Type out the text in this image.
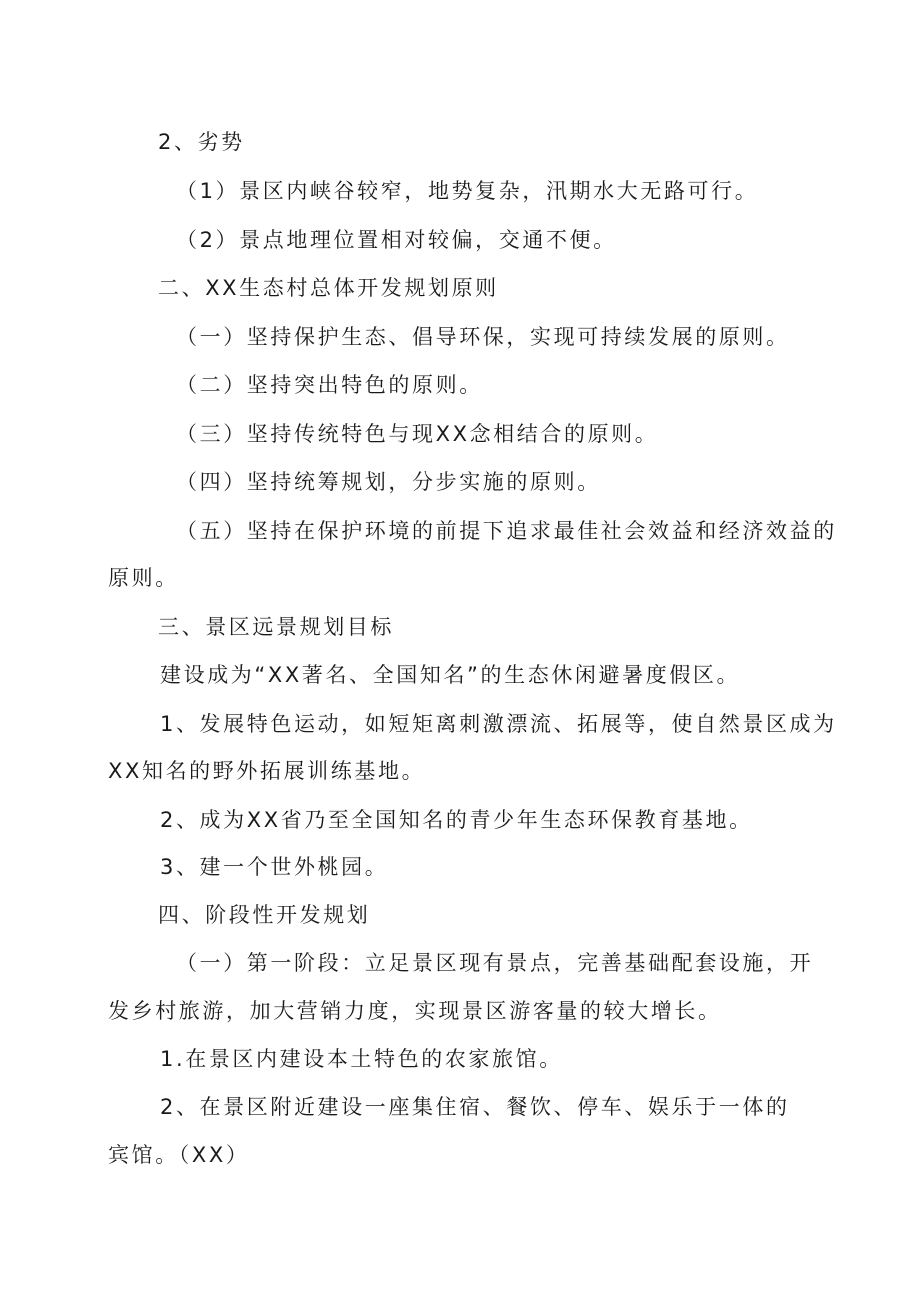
2、劣势
（1）景区内峡谷较窄，地势复杂，汛期水大无路可行。
（2）景点地理位置相对较偏，交通不便。
二、XX生态村总体开发规划原则
（一）坚持保护生态、倡导环保，实现可持续发展的原则。
（二）坚持突出特色的原则。
（三）坚持传统特色与现XX念相结合的原则。
（四）坚持统筹规划，分步实施的原则。
（五）坚持在保护环境的前提下追求最佳社会效益和经济效益的
原则。
三、景区远景规划目标
建设成为“XX著名、全国知名”的生态休闲避暑度假区。
1、发展特色运动，如短矩离刺激漂流、拓展等，使自然景区成为
XX知名的野外拓展训练基地。
2、成为XX省乃至全国知名的青少年生态环保教育基地。
3、建一个世外桃园。
四、阶段性开发规划
（一）第一阶段：立足景区现有景点，完善基础配套设施，开
发乡村旅游，加大营销力度，实现景区游客量的较大增长。
1.在景区内建设本土特色的农家旅馆。
2、在景区附近建设一座集住宿、餐饮、停车、娱乐于一体的
宾馆。（XX）
